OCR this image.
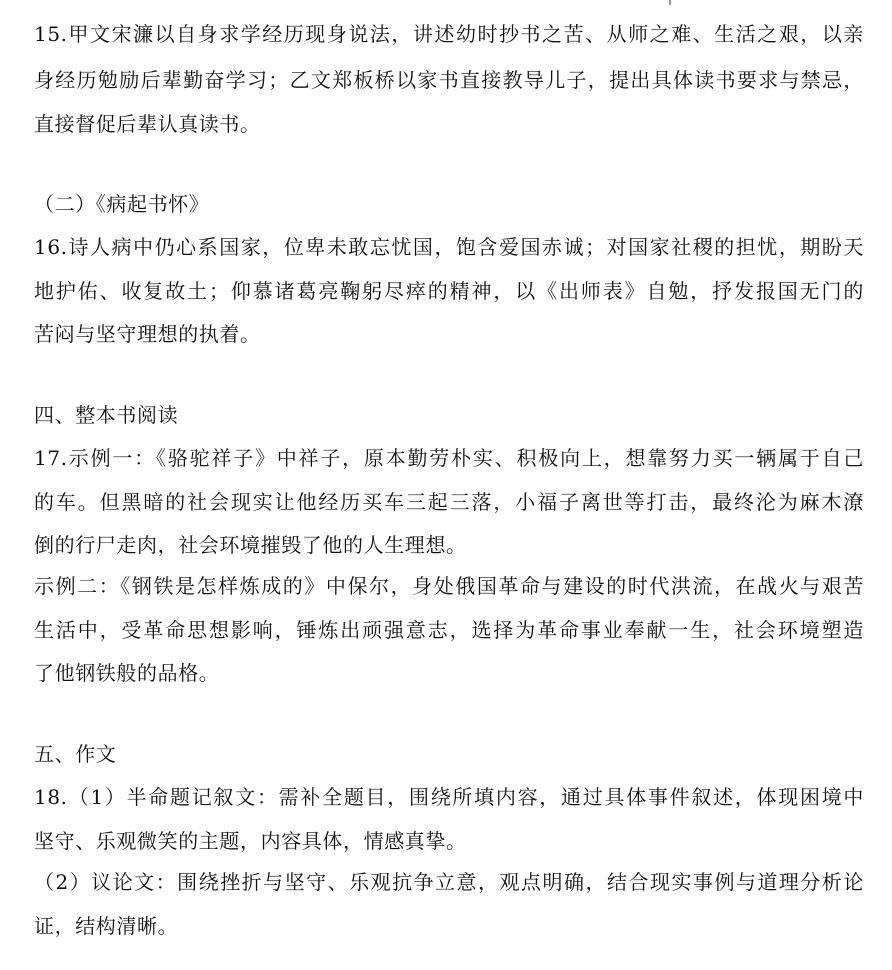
15.甲文宋濂以自身求学经历现身说法，讲述幼时抄书之苦、从师之难、生活之艰，以亲
身经历勉励后辈勤奋学习；乙文郑板桥以家书直接教导儿子，提出具体读书要求与禁忌，
直接督促后辈认真读书。
（二）《病起书怀》
16.诗人病中仍心系国家，位卑未敢忘忧国，饱含爱国赤诚；对国家社稷的担忧，期盼天
地护佑、收复故土；仰慕诸葛亮鞠躬尽瘁的精神，以《出师表》自勉，抒发报国无门的
苦闷与坚守理想的执着。
四、整本书阅读
17.示例一：《骆驼祥子》中祥子，原本勤劳朴实、积极向上，想靠努力买一辆属于自己
的车。但黑暗的社会现实让他经历买车三起三落，小福子离世等打击，最终沦为麻木潦
倒的行尸走肉，社会环境摧毁了他的人生理想。
示例二：《钢铁是怎样炼成的》中保尔，身处俄国革命与建设的时代洪流，在战火与艰苦
生活中，受革命思想影响，锤炼出顽强意志，选择为革命事业奉献一生，社会环境塑造
了他钢铁般的品格。
五、作文
18.（1）半命题记叙文：需补全题目，围绕所填内容，通过具体事件叙述，体现困境中
坚守、乐观微笑的主题，内容具体，情感真挚。
（2）议论文：围绕挫折与坚守、乐观抗争立意，观点明确，结合现实事例与道理分析论
证，结构清晰。
